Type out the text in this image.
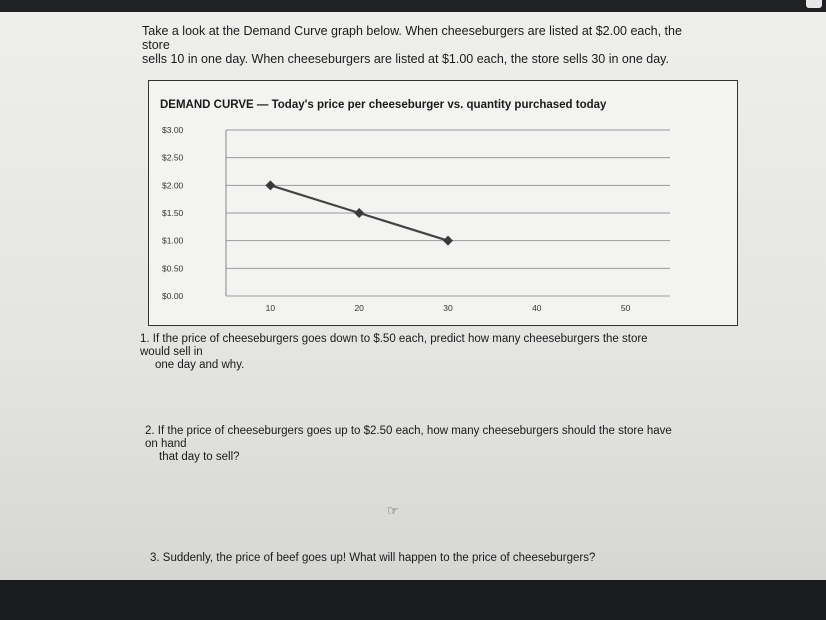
Take a look at the Demand Curve graph below. When cheeseburgers are listed at $2.00 each, the
store
sells 10 in one day. When cheeseburgers are listed at $1.00 each, the store sells 30 in one day.
DEMAND CURVE — Today's price per cheeseburger vs. quantity purchased today
$3.00
$2.50
$2.00
$1.50
$1.00
$0.50
$0.00
10	20	30	40	50
1. If the price of cheeseburgers goes down to $.50 each, predict how many cheeseburgers the store
would sell in
one day and why.
2. If the price of cheeseburgers goes up to $2.50 each, how many cheeseburgers should the store have
on hand
that day to sell?
☞
3. Suddenly, the price of beef goes up! What will happen to the price of cheeseburgers?
